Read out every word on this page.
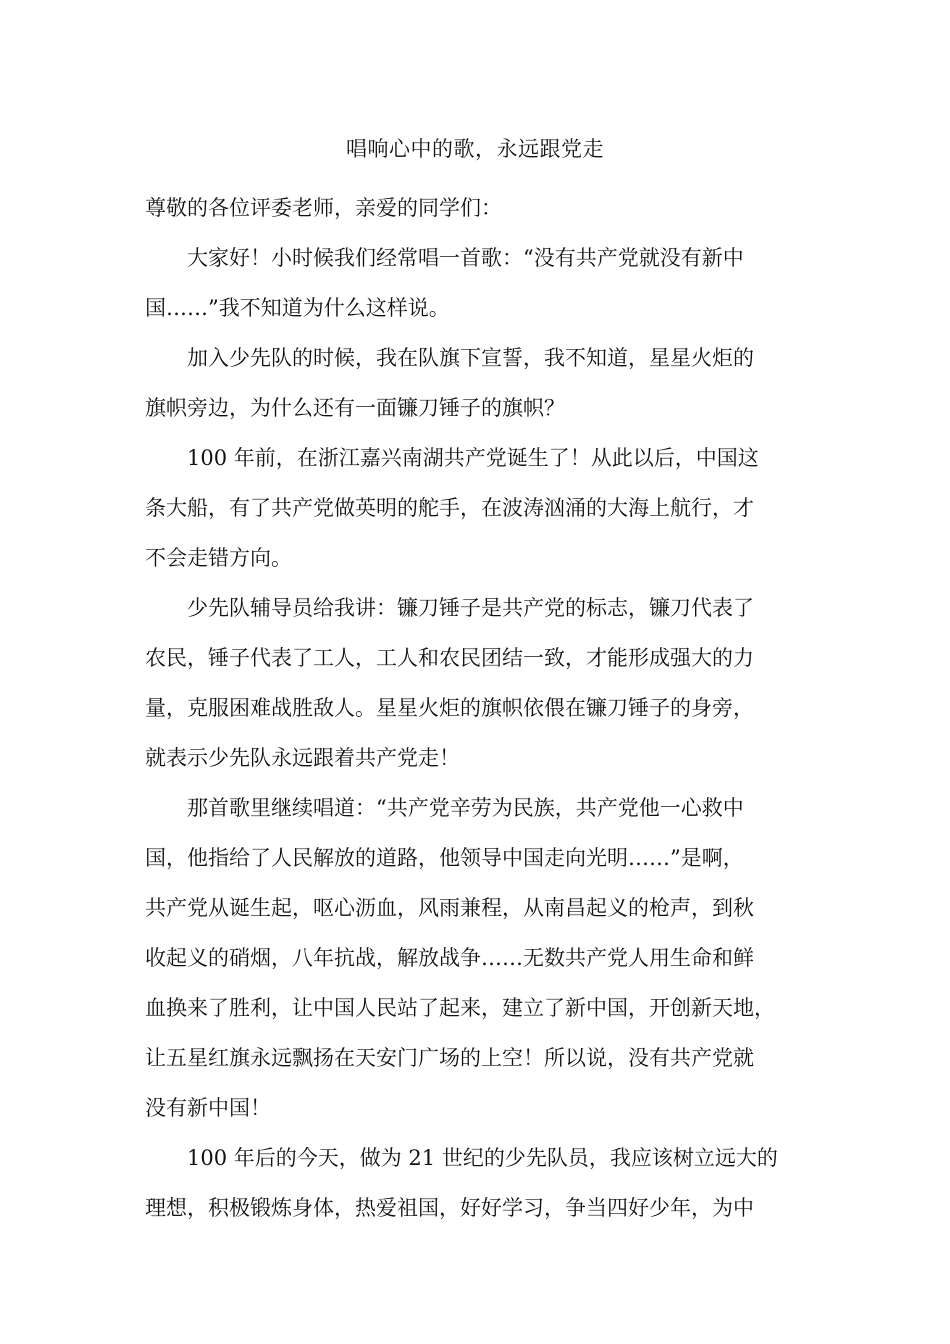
唱响心中的歌，永远跟党走

尊敬的各位评委老师，亲爱的同学们：

大家好！小时候我们经常唱一首歌：“没有共产党就没有新中
国……”我不知道为什么这样说。

加入少先队的时候，我在队旗下宣誓，我不知道，星星火炬的
旗帜旁边，为什么还有一面镰刀锤子的旗帜？

100 年前，在浙江嘉兴南湖共产党诞生了！从此以后，中国这
条大船，有了共产党做英明的舵手，在波涛汹涌的大海上航行，才
不会走错方向。

少先队辅导员给我讲：镰刀锤子是共产党的标志，镰刀代表了
农民，锤子代表了工人，工人和农民团结一致，才能形成强大的力
量，克服困难战胜敌人。星星火炬的旗帜依偎在镰刀锤子的身旁，
就表示少先队永远跟着共产党走！

那首歌里继续唱道：“共产党辛劳为民族，共产党他一心救中
国，他指给了人民解放的道路，他领导中国走向光明……”是啊，
共产党从诞生起，呕心沥血，风雨兼程，从南昌起义的枪声，到秋
收起义的硝烟，八年抗战，解放战争……无数共产党人用生命和鲜
血换来了胜利，让中国人民站了起来，建立了新中国，开创新天地，
让五星红旗永远飘扬在天安门广场的上空！所以说，没有共产党就
没有新中国！

100 年后的今天，做为 21 世纪的少先队员，我应该树立远大的
理想，积极锻炼身体，热爱祖国，好好学习，争当四好少年，为中
